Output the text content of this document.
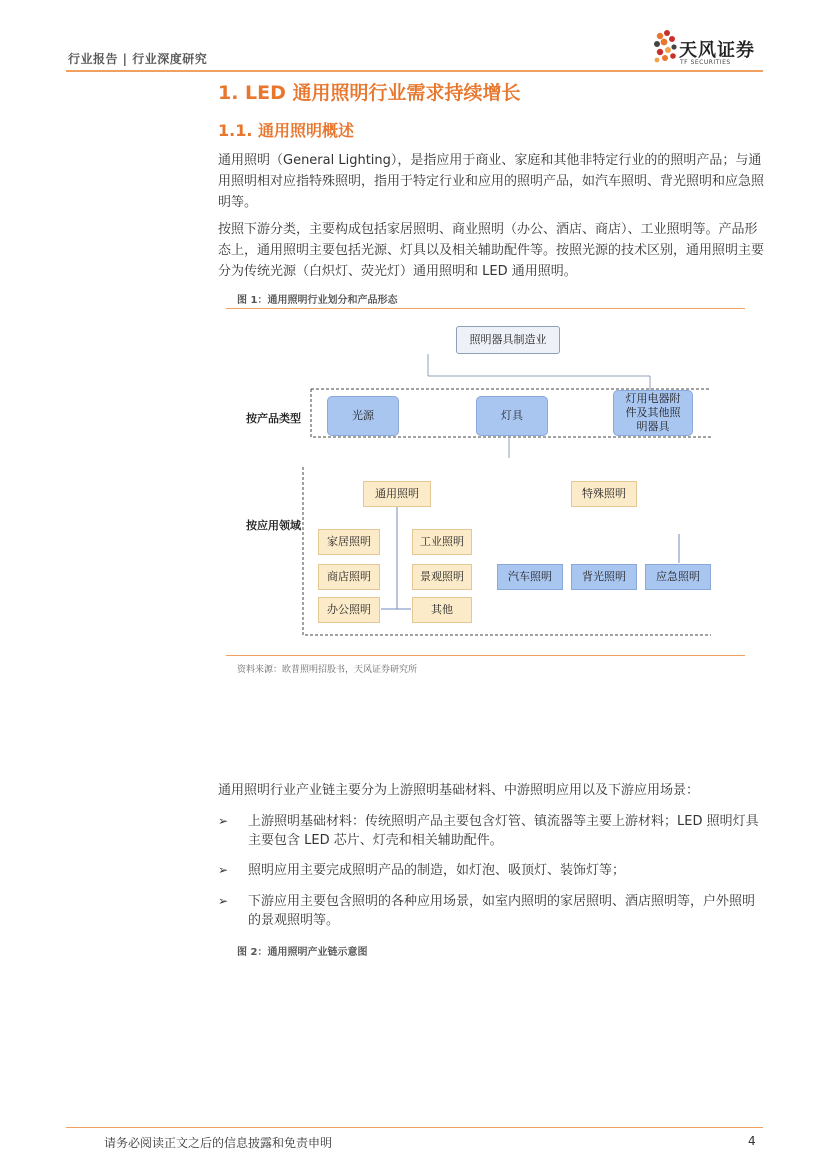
行业报告 | 行业深度研究	天风证券
TF SECURITIES
1. LED 通用照明行业需求持续增长
1.1. 通用照明概述
通用照明（General Lighting），是指应用于商业、家庭和其他非特定行业的的照明产品；与通用照明相对应指特殊照明，指用于特定行业和应用的照明产品，如汽车照明、背光照明和应急照明等。
按照下游分类，主要构成包括家居照明、商业照明（办公、酒店、商店）、工业照明等。产品形态上，通用照明主要包括光源、灯具以及相关辅助配件等。按照光源的技术区别，通用照明主要分为传统光源（白炽灯、荧光灯）通用照明和 LED 通用照明。
图 1：通用照明行业划分和产品形态
照明器具制造业
按产品类型
按应用领域
光源	灯具
灯用电器附件及其他照明器具
通用照明	特殊照明
家居照明
商店照明
办公照明
工业照明
景观照明
其他
汽车照明	背光照明	应急照明
资料来源：欧普照明招股书，天风证券研究所
通用照明行业产业链主要分为上游照明基础材料、中游照明应用以及下游应用场景：
➢ 上游照明基础材料：传统照明产品主要包含灯管、镇流器等主要上游材料；LED 照明灯具主要包含 LED 芯片、灯壳和相关辅助配件。
➢ 照明应用主要完成照明产品的制造，如灯泡、吸顶灯、装饰灯等；
➢ 下游应用主要包含照明的各种应用场景，如室内照明的家居照明、酒店照明等，户外照明的景观照明等。
图 2：通用照明产业链示意图
请务必阅读正文之后的信息披露和免责申明	4
